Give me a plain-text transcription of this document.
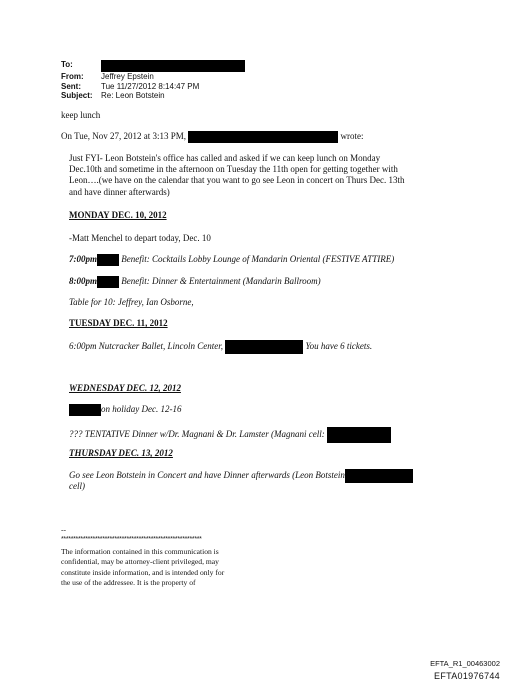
To:
From:	Jeffrey Epstein
Sent:	Tue 11/27/2012 8:14:47 PM
Subject:	Re: Leon Botstein
keep lunch
On Tue, Nov 27, 2012 at 3:13 PM,	wrote:
Just FYI- Leon Botstein's office has called and asked if we can keep lunch on Monday
Dec.10th and sometime in the afternoon on Tuesday the 11th open for getting together with
Leon….(we have on the calendar that you want to go see Leon in concert on Thurs Dec. 13th
and have dinner afterwards)
MONDAY DEC. 10, 2012
-Matt Menchel to depart today, Dec. 10
7:00pm	Benefit: Cocktails Lobby Lounge of Mandarin Oriental (FESTIVE ATTIRE)
8:00pm	Benefit: Dinner & Entertainment (Mandarin Ballroom)
Table for 10: Jeffrey, Ian Osborne,
TUESDAY DEC. 11, 2012
6:00pm Nutcracker Ballet, Lincoln Center,	You have 6 tickets.
WEDNESDAY DEC. 12, 2012
on holiday Dec. 12-16
??? TENTATIVE Dinner w/Dr. Magnani & Dr. Lamster (Magnani cell:
THURSDAY DEC. 13, 2012
Go see Leon Botstein in Concert and have Dinner afterwards (Leon Botstein
cell)
--
**********************************************************
The information contained in this communication is
confidential, may be attorney-client privileged, may
constitute inside information, and is intended only for
the use of the addressee. It is the property of
EFTA_R1_00463002
EFTA01976744
